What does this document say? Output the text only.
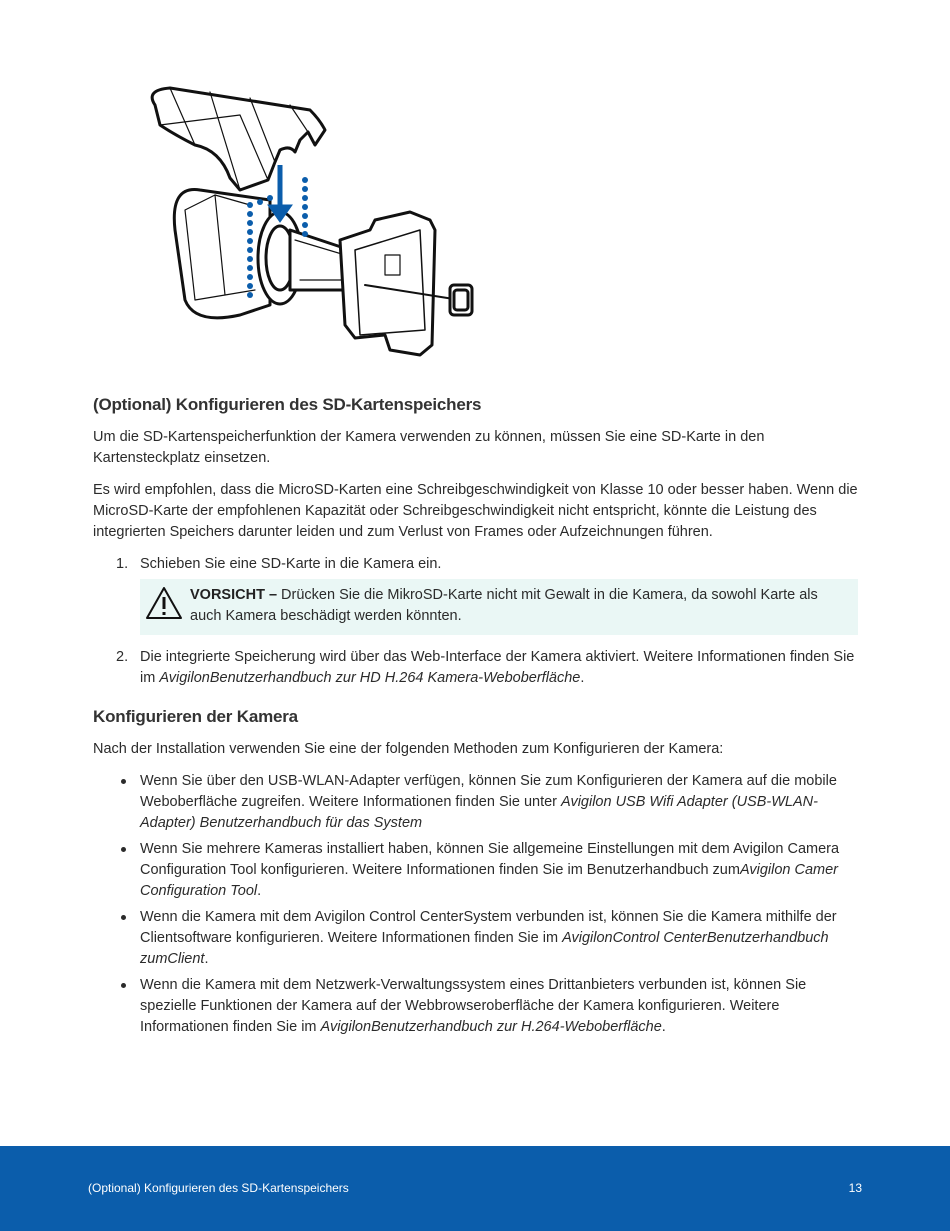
(Optional) Konfigurieren des SD-Kartenspeichers

Um die SD-Kartenspeicherfunktion der Kamera verwenden zu können, müssen Sie eine SD-Karte in den Kartensteckplatz einsetzen.

Es wird empfohlen, dass die MicroSD-Karten eine Schreibgeschwindigkeit von Klasse 10 oder besser haben. Wenn die MicroSD-Karte der empfohlenen Kapazität oder Schreibgeschwindigkeit nicht entspricht, könnte die Leistung des integrierten Speichers darunter leiden und zum Verlust von Frames oder Aufzeichnungen führen.

1. Schieben Sie eine SD-Karte in die Kamera ein.
VORSICHT – Drücken Sie die MikroSD-Karte nicht mit Gewalt in die Kamera, da sowohl Karte als auch Kamera beschädigt werden könnten.
2. Die integrierte Speicherung wird über das Web-Interface der Kamera aktiviert. Weitere Informationen finden Sie im AvigilonBenutzerhandbuch zur HD H.264 Kamera-Weboberfläche.
Konfigurieren der Kamera

Nach der Installation verwenden Sie eine der folgenden Methoden zum Konfigurieren der Kamera:

Wenn Sie über den USB-WLAN-Adapter verfügen, können Sie zum Konfigurieren der Kamera auf die mobile Weboberfläche zugreifen. Weitere Informationen finden Sie unter Avigilon USB Wifi Adapter (USB-WLAN-Adapter) Benutzerhandbuch für das System
Wenn Sie mehrere Kameras installiert haben, können Sie allgemeine Einstellungen mit dem Avigilon Camera Configuration Tool konfigurieren. Weitere Informationen finden Sie im Benutzerhandbuch zumAvigilon Camer Configuration Tool.
Wenn die Kamera mit dem Avigilon Control CenterSystem verbunden ist, können Sie die Kamera mithilfe der Clientsoftware konfigurieren. Weitere Informationen finden Sie im AvigilonControl CenterBenutzerhandbuch zumClient.
Wenn die Kamera mit dem Netzwerk-Verwaltungssystem eines Drittanbieters verbunden ist, können Sie spezielle Funktionen der Kamera auf der Webbrowseroberfläche der Kamera konfigurieren. Weitere Informationen finden Sie im AvigilonBenutzerhandbuch zur H.264-Weboberfläche.
(Optional) Konfigurieren des SD-Kartenspeichers	13
